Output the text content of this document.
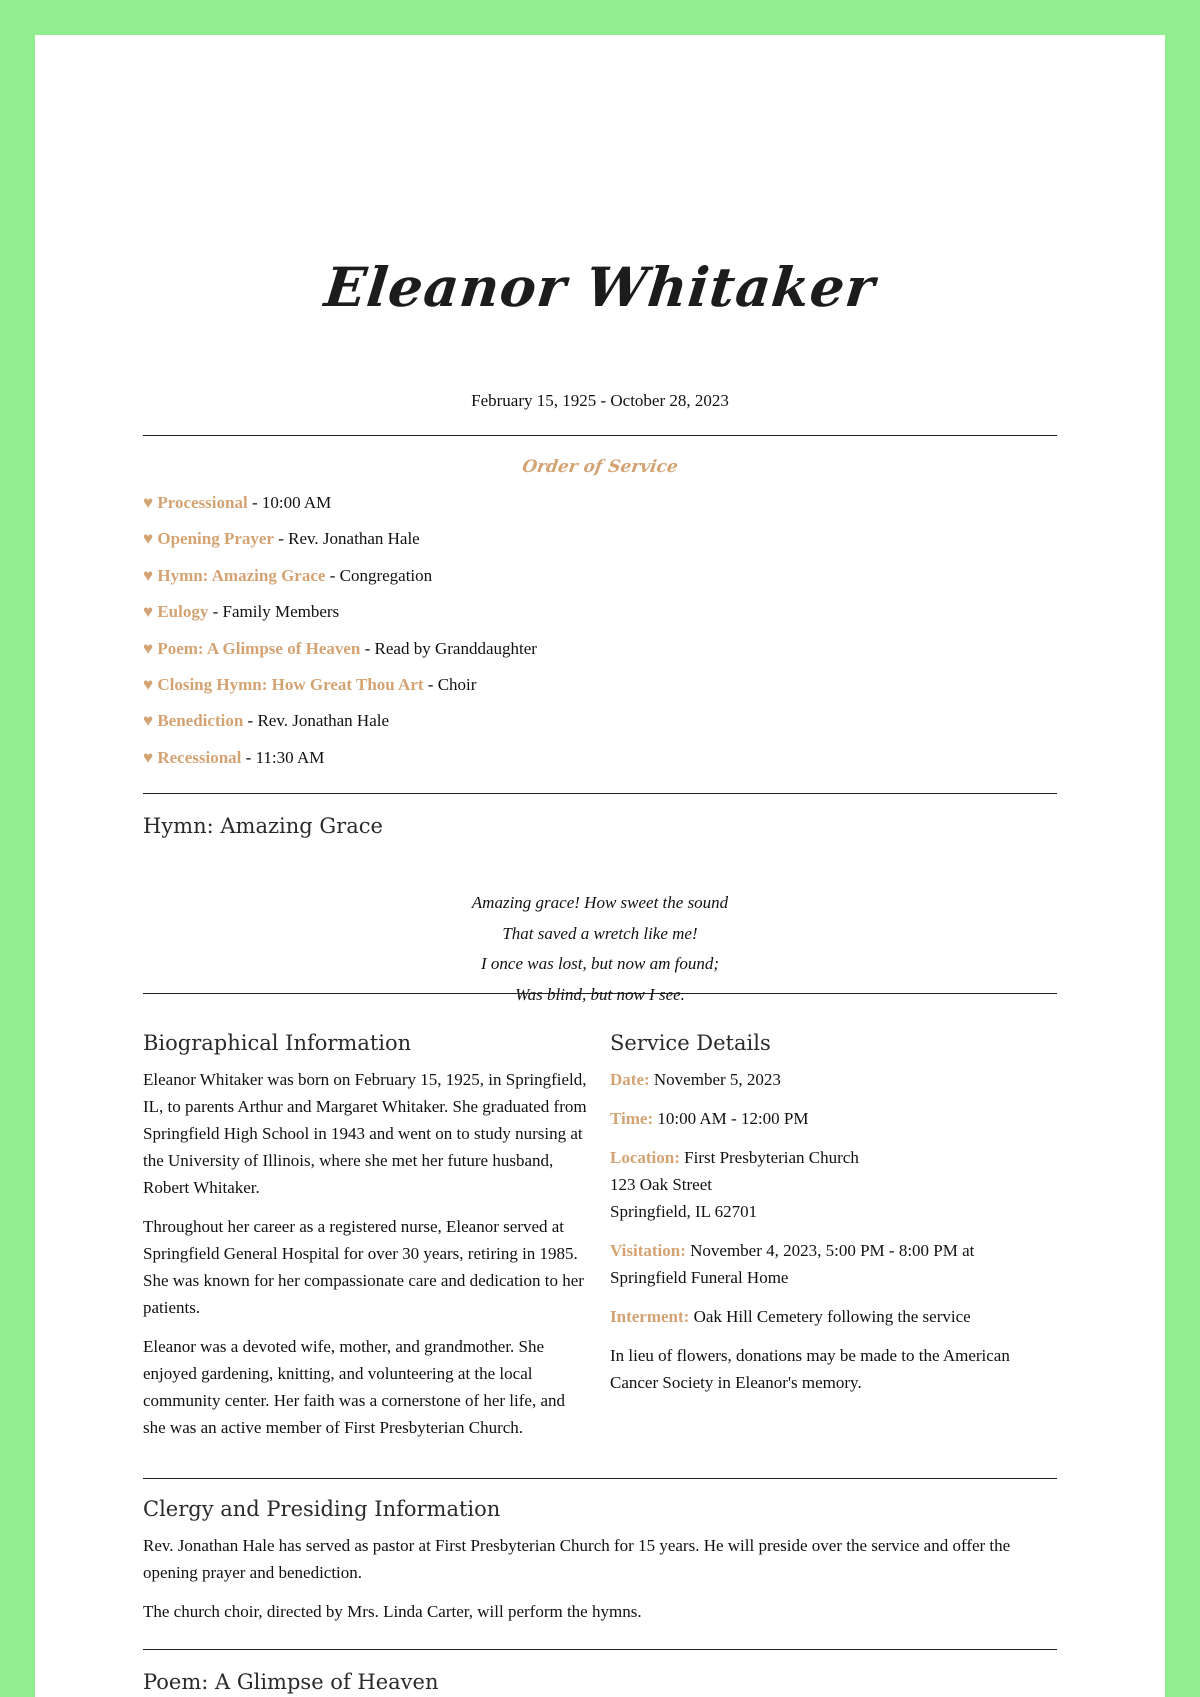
Eleanor Whitaker
February 15, 1925 - October 28, 2023
Order of Service
♥ Processional - 10:00 AM
♥ Opening Prayer - Rev. Jonathan Hale
♥ Hymn: Amazing Grace - Congregation
♥ Eulogy - Family Members
♥ Poem: A Glimpse of Heaven - Read by Granddaughter
♥ Closing Hymn: How Great Thou Art - Choir
♥ Benediction - Rev. Jonathan Hale
♥ Recessional - 11:30 AM
Hymn: Amazing Grace
Amazing grace! How sweet the sound
That saved a wretch like me!
I once was lost, but now am found;
Was blind, but now I see.
Biographical Information

Eleanor Whitaker was born on February 15, 1925, in Springfield, IL, to parents Arthur and Margaret Whitaker. She graduated from Springfield High School in 1943 and went on to study nursing at the University of Illinois, where she met her future husband, Robert Whitaker.

Throughout her career as a registered nurse, Eleanor served at Springfield General Hospital for over 30 years, retiring in 1985. She was known for her compassionate care and dedication to her patients.

Eleanor was a devoted wife, mother, and grandmother. She enjoyed gardening, knitting, and volunteering at the local community center. Her faith was a cornerstone of her life, and she was an active member of First Presbyterian Church.

Service Details

Date: November 5, 2023

Time: 10:00 AM - 12:00 PM

Location: First Presbyterian Church
123 Oak Street
Springfield, IL 62701

Visitation: November 4, 2023, 5:00 PM - 8:00 PM at Springfield Funeral Home

Interment: Oak Hill Cemetery following the service

In lieu of flowers, donations may be made to the American Cancer Society in Eleanor's memory.

Clergy and Presiding Information

Rev. Jonathan Hale has served as pastor at First Presbyterian Church for 15 years. He will preside over the service and offer the opening prayer and benediction.

The church choir, directed by Mrs. Linda Carter, will perform the hymns.

Poem: A Glimpse of Heaven
